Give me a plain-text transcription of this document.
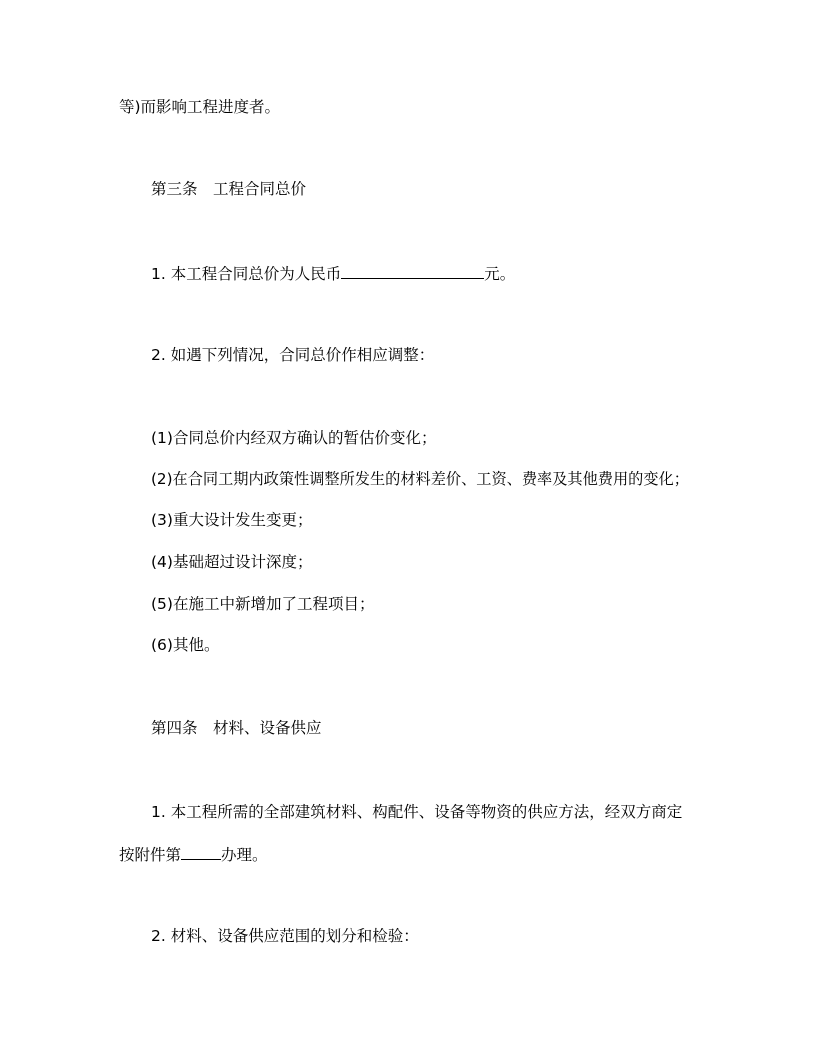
等)而影响工程进度者。
第三条　工程合同总价
1. 本工程合同总价为人民币	元。
2. 如遇下列情况，合同总价作相应调整：
(1)合同总价内经双方确认的暂估价变化；
(2)在合同工期内政策性调整所发生的材料差价、工资、费率及其他费用的变化；
(3)重大设计发生变更；
(4)基础超过设计深度；
(5)在施工中新增加了工程项目；
(6)其他。
第四条　材料、设备供应
1. 本工程所需的全部建筑材料、构配件、设备等物资的供应方法，经双方商定
按附件第	办理。
2. 材料、设备供应范围的划分和检验：
